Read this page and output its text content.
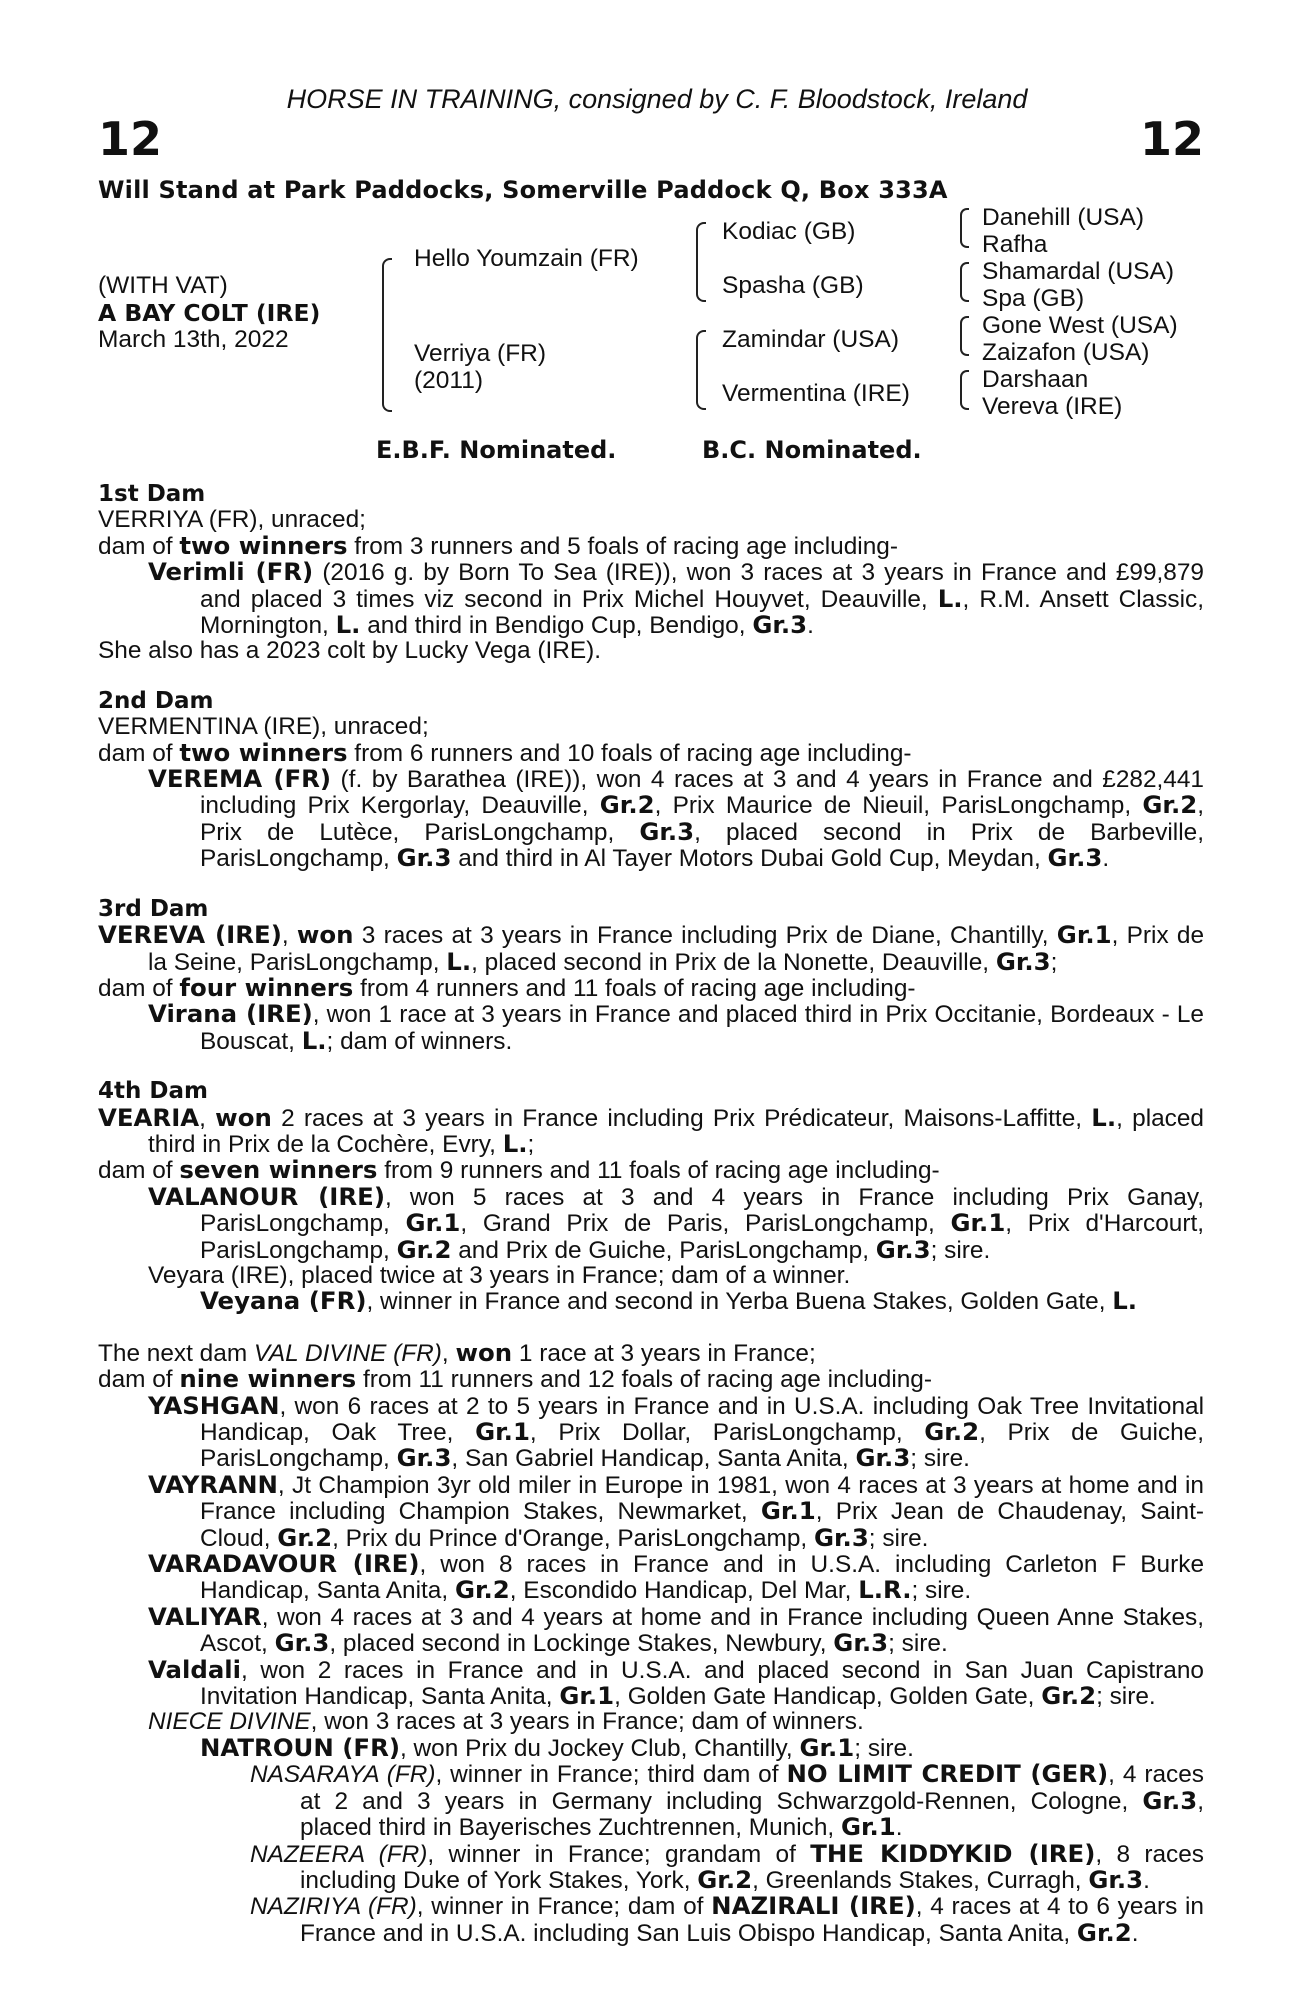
HORSE IN TRAINING, consigned by C. F. Bloodstock, Ireland
12	12
Will Stand at Park Paddocks, Somerville Paddock Q, Box 333A
(WITH VAT)
A BAY COLT (IRE)
March 13th, 2022
Hello Youmzain (FR)
Verriya (FR)
(2011)
Kodiac (GB)
Spasha (GB)
Zamindar (USA)
Vermentina (IRE)
Danehill (USA)
Rafha
Shamardal (USA)
Spa (GB)
Gone West (USA)
Zaizafon (USA)
Darshaan
Vereva (IRE)
E.B.F. Nominated.	B.C. Nominated.

1st Dam

VERRIYA (FR), unraced;

dam of two winners from 3 runners and 5 foals of racing age including-

Verimli (FR) (2016 g. by Born To Sea (IRE)), won 3 races at 3 years in France and £99,879 and placed 3 times viz second in Prix Michel Houyvet, Deauville, L., R.M. Ansett Classic, Mornington, L. and third in Bendigo Cup, Bendigo, Gr.3.

She also has a 2023 colt by Lucky Vega (IRE).

2nd Dam

VERMENTINA (IRE), unraced;

dam of two winners from 6 runners and 10 foals of racing age including-

VEREMA (FR) (f. by Barathea (IRE)), won 4 races at 3 and 4 years in France and £282,441 including Prix Kergorlay, Deauville, Gr.2, Prix Maurice de Nieuil, ParisLongchamp, Gr.2, Prix de Lutèce, ParisLongchamp, Gr.3, placed second in Prix de Barbeville, ParisLongchamp, Gr.3 and third in Al Tayer Motors Dubai Gold Cup, Meydan, Gr.3.

3rd Dam

VEREVA (IRE), won 3 races at 3 years in France including Prix de Diane, Chantilly, Gr.1, Prix de la Seine, ParisLongchamp, L., placed second in Prix de la Nonette, Deauville, Gr.3;

dam of four winners from 4 runners and 11 foals of racing age including-

Virana (IRE), won 1 race at 3 years in France and placed third in Prix Occitanie, Bordeaux - Le Bouscat, L.; dam of winners.

4th Dam

VEARIA, won 2 races at 3 years in France including Prix Prédicateur, Maisons-Laffitte, L., placed third in Prix de la Cochère, Evry, L.;

dam of seven winners from 9 runners and 11 foals of racing age including-

VALANOUR (IRE), won 5 races at 3 and 4 years in France including Prix Ganay, ParisLongchamp, Gr.1, Grand Prix de Paris, ParisLongchamp, Gr.1, Prix d'Harcourt, ParisLongchamp, Gr.2 and Prix de Guiche, ParisLongchamp, Gr.3; sire.

Veyara (IRE), placed twice at 3 years in France; dam of a winner.

Veyana (FR), winner in France and second in Yerba Buena Stakes, Golden Gate, L.

The next dam VAL DIVINE (FR), won 1 race at 3 years in France;

dam of nine winners from 11 runners and 12 foals of racing age including-

YASHGAN, won 6 races at 2 to 5 years in France and in U.S.A. including Oak Tree Invitational Handicap, Oak Tree, Gr.1, Prix Dollar, ParisLongchamp, Gr.2, Prix de Guiche, ParisLongchamp, Gr.3, San Gabriel Handicap, Santa Anita, Gr.3; sire.

VAYRANN, Jt Champion 3yr old miler in Europe in 1981, won 4 races at 3 years at home and in France including Champion Stakes, Newmarket, Gr.1, Prix Jean de Chaudenay, Saint-Cloud, Gr.2, Prix du Prince d'Orange, ParisLongchamp, Gr.3; sire.

VARADAVOUR (IRE), won 8 races in France and in U.S.A. including Carleton F Burke Handicap, Santa Anita, Gr.2, Escondido Handicap, Del Mar, L.R.; sire.

VALIYAR, won 4 races at 3 and 4 years at home and in France including Queen Anne Stakes, Ascot, Gr.3, placed second in Lockinge Stakes, Newbury, Gr.3; sire.

Valdali, won 2 races in France and in U.S.A. and placed second in San Juan Capistrano Invitation Handicap, Santa Anita, Gr.1, Golden Gate Handicap, Golden Gate, Gr.2; sire.

NIECE DIVINE, won 3 races at 3 years in France; dam of winners.

NATROUN (FR), won Prix du Jockey Club, Chantilly, Gr.1; sire.

NASARAYA (FR), winner in France; third dam of NO LIMIT CREDIT (GER), 4 races at 2 and 3 years in Germany including Schwarzgold-Rennen, Cologne, Gr.3, placed third in Bayerisches Zuchtrennen, Munich, Gr.1.

NAZEERA (FR), winner in France; grandam of THE KIDDYKID (IRE), 8 races including Duke of York Stakes, York, Gr.2, Greenlands Stakes, Curragh, Gr.3.

NAZIRIYA (FR), winner in France; dam of NAZIRALI (IRE), 4 races at 4 to 6 years in France and in U.S.A. including San Luis Obispo Handicap, Santa Anita, Gr.2.
